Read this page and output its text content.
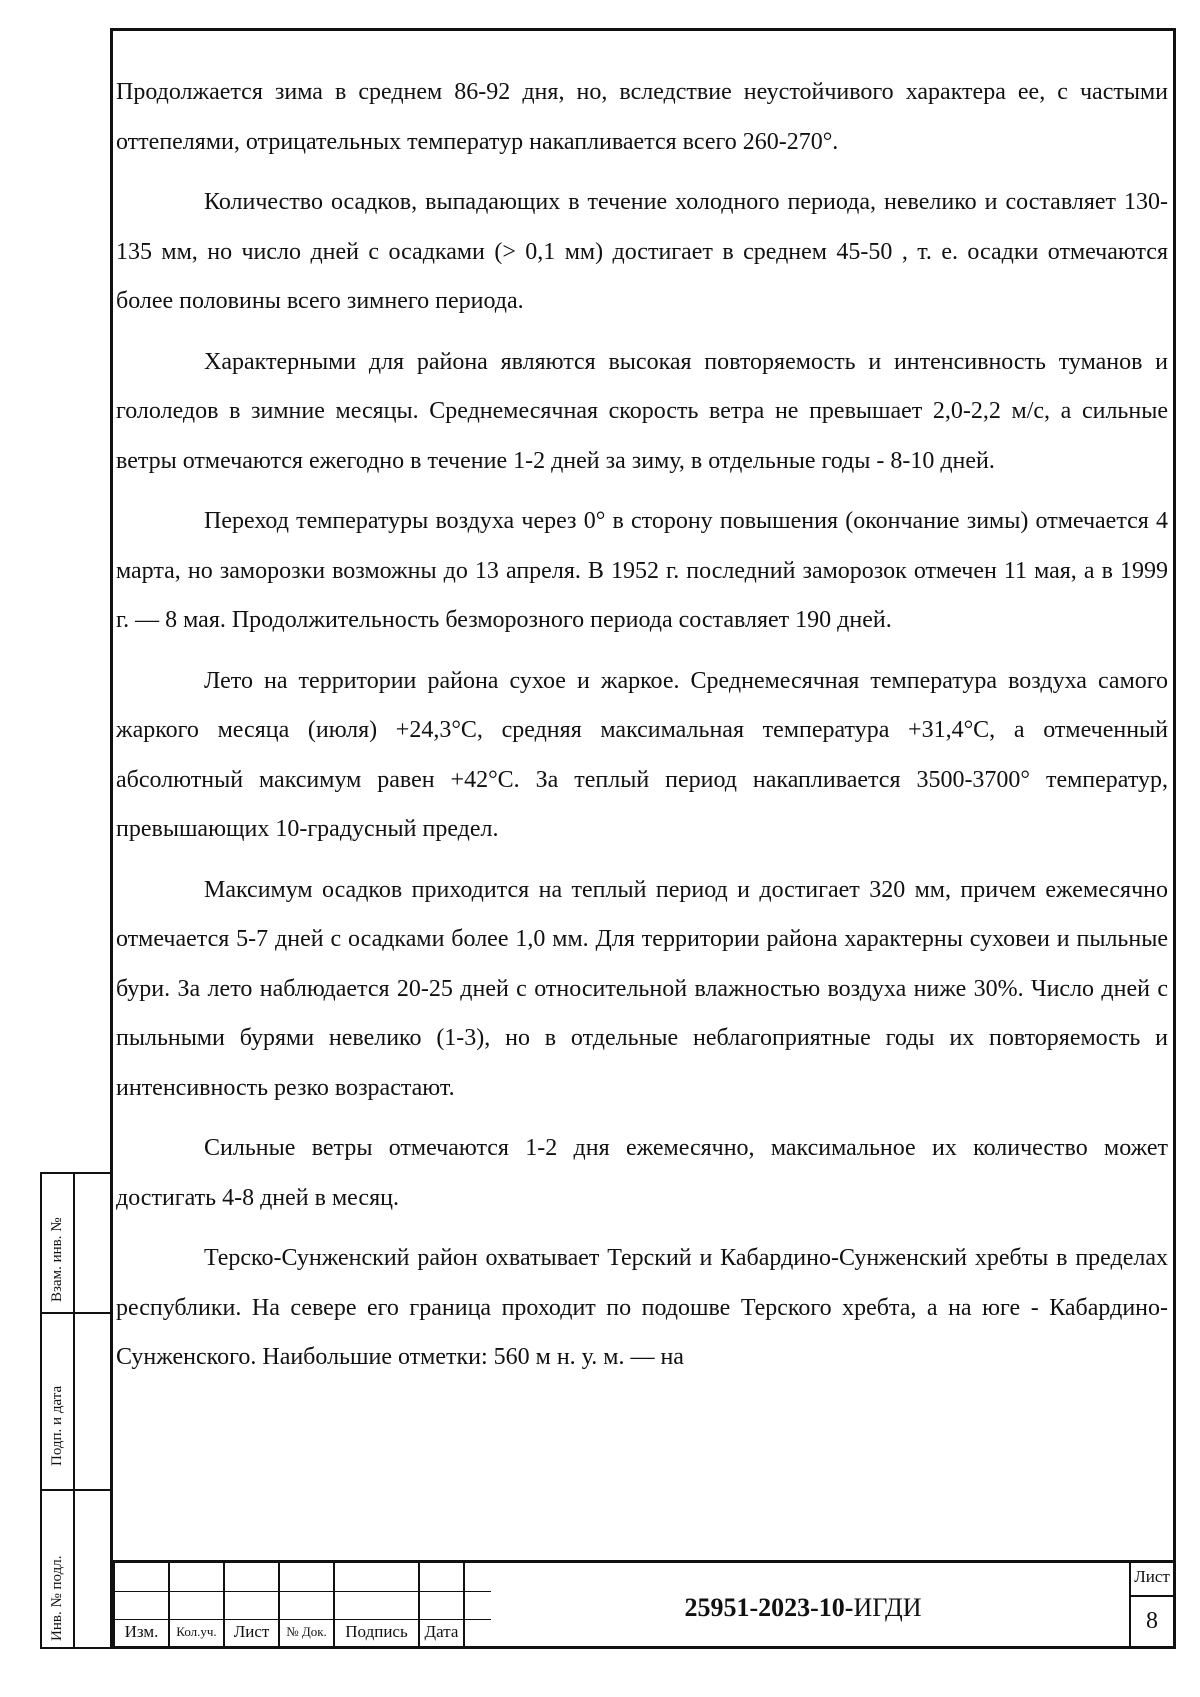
Продолжается зима в среднем 86-92 дня, но, вследствие неустойчивого характера ее, с частыми оттепелями, отрицательных температур накапливается всего 260-270°.

Количество осадков, выпадающих в течение холодного периода, невелико и составляет 130-135 мм, но число дней с осадками (> 0,1 мм) достигает в среднем 45-50 , т. е. осадки отмечаются более половины всего зимнего периода.

Характерными для района являются высокая повторяемость и интенсивность туманов и гололедов в зимние месяцы. Среднемесячная скорость ветра не превышает 2,0-2,2 м/с, а сильные ветры отмечаются ежегодно в течение 1-2 дней за зиму, в отдельные годы - 8-10 дней.

Переход температуры воздуха через 0° в сторону повышения (окончание зимы) отмечается 4 марта, но заморозки возможны до 13 апреля. В 1952 г. последний заморозок отмечен 11 мая, а в 1999 г. — 8 мая. Продолжительность безморозного периода составляет 190 дней.

Лето на территории района сухое и жаркое. Среднемесячная температура воздуха самого жаркого месяца (июля) +24,3°С, средняя максимальная температура +31,4°С, а отмеченный абсолютный максимум равен +42°С. За теплый период накапливается 3500-3700° температур, превышающих 10-градусный предел.

Максимум осадков приходится на теплый период и достигает 320 мм, причем ежемесячно отмечается 5-7 дней с осадками более 1,0 мм. Для территории района характерны суховеи и пыльные бури. За лето наблюдается 20-25 дней с относительной влажностью воздуха ниже 30%. Число дней с пыльными бурями невелико (1-3), но в отдельные неблагоприятные годы их повторяемость и интенсивность резко возрастают.

Сильные ветры отмечаются 1-2 дня ежемесячно, максимальное их количество может достигать 4-8 дней в месяц.

Терско-Сунженский район охватывает Терский и Кабардино-Сунженский хребты в пределах республики. На севере его граница проходит по подошве Терского хребта, а на юге - Кабардино-Сунженского. Наибольшие отметки: 560 м н. у. м. — на

Взам. инв. №
Подп. и дата
Инв. № подл.	Изм.	Кол.уч.	Лист	№ Док.	Подпись Дата
25951-2023-10-ИГДИ
Лист
8
